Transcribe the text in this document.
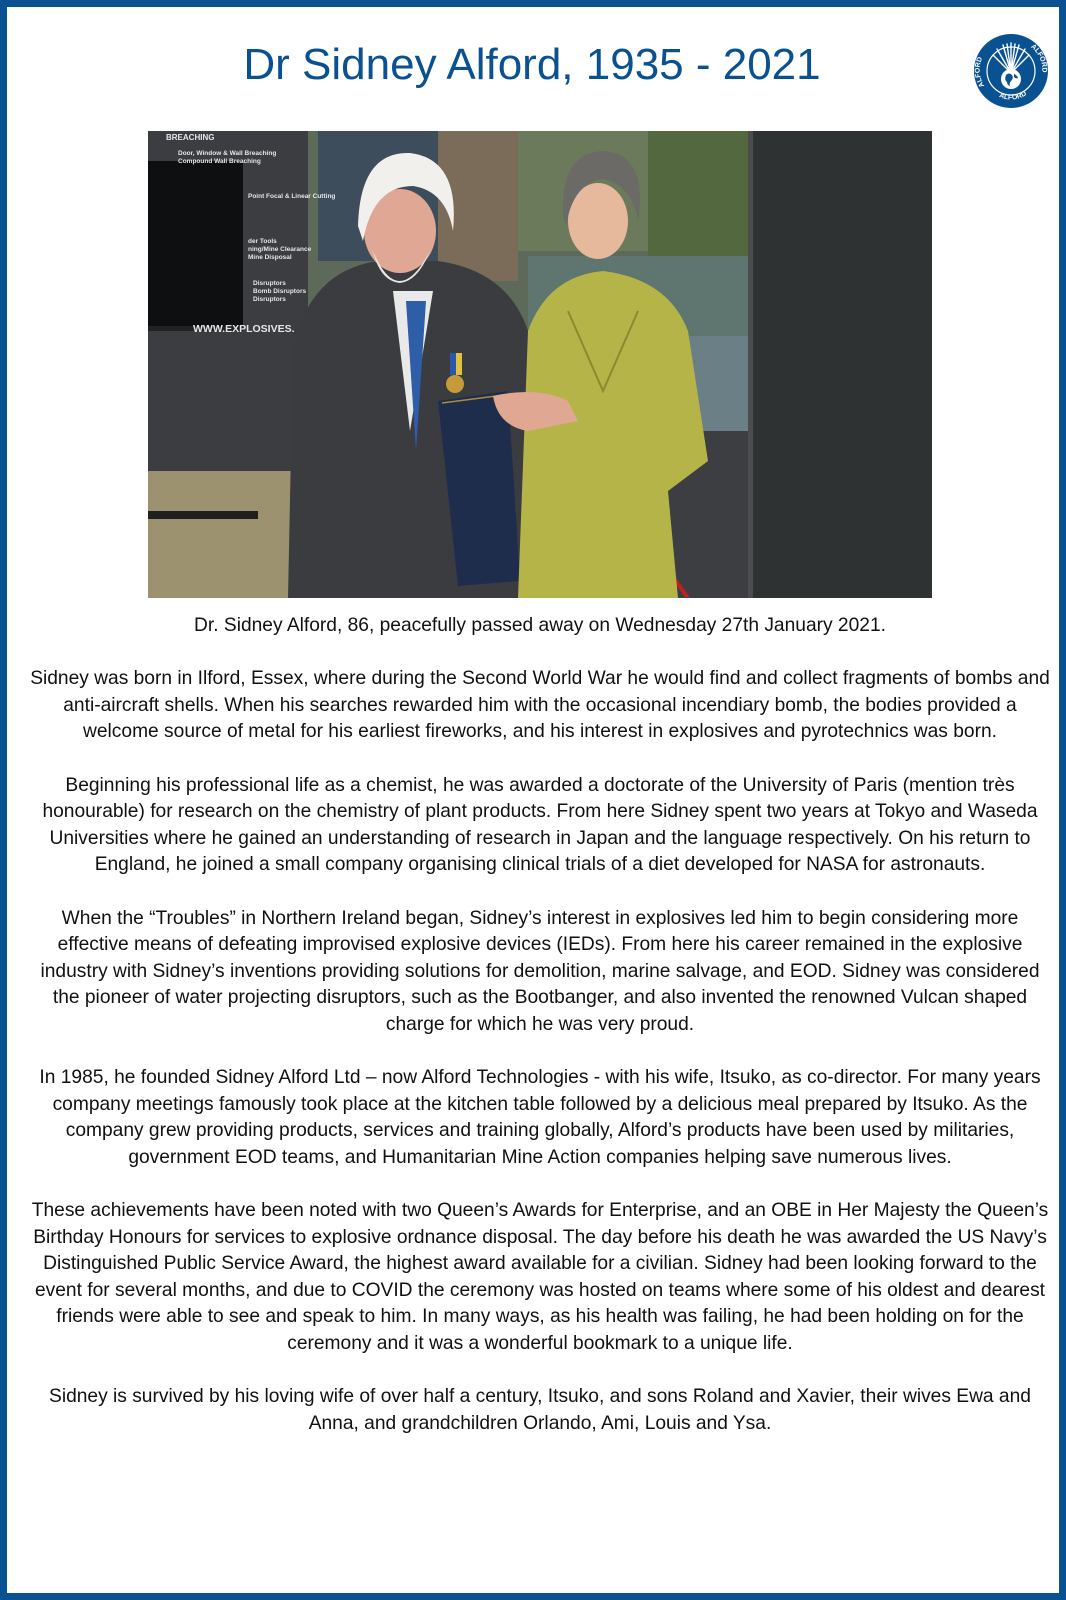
Dr Sidney Alford, 1935 - 2021	ALFORD
ALFORD
ALFORD
BREACHING
Door, Window & Wall Breaching
Compound Wall Breaching
Point Focal & Linear Cutting
der Tools
ning/Mine Clearance
Mine Disposal
Disruptors
Bomb Disruptors
Disruptors
WWW.EXPLOSIVES.

Dr. Sidney Alford, 86, peacefully passed away on Wednesday 27th January 2021.

Sidney was born in Ilford, Essex, where during the Second World War he would find and collect fragments of bombs and anti-aircraft shells. When his searches rewarded him with the occasional incendiary bomb, the bodies provided a welcome source of metal for his earliest fireworks, and his interest in explosives and pyrotechnics was born.

Beginning his professional life as a chemist, he was awarded a doctorate of the University of Paris (mention très honourable) for research on the chemistry of plant products. From here Sidney spent two years at Tokyo and Waseda Universities where he gained an understanding of research in Japan and the language respectively. On his return to England, he joined a small company organising clinical trials of a diet developed for NASA for astronauts.

When the “Troubles” in Northern Ireland began, Sidney’s interest in explosives led him to begin considering more effective means of defeating improvised explosive devices (IEDs). From here his career remained in the explosive industry with Sidney’s inventions providing solutions for demolition, marine salvage, and EOD. Sidney was considered the pioneer of water projecting disruptors, such as the Bootbanger, and also invented the renowned Vulcan shaped charge for which he was very proud.

In 1985, he founded Sidney Alford Ltd – now Alford Technologies - with his wife, Itsuko, as co-director. For many years company meetings famously took place at the kitchen table followed by a delicious meal prepared by Itsuko. As the company grew providing products, services and training globally, Alford’s products have been used by militaries, government EOD teams, and Humanitarian Mine Action companies helping save numerous lives.

These achievements have been noted with two Queen’s Awards for Enterprise, and an OBE in Her Majesty the Queen’s Birthday Honours for services to explosive ordnance disposal. The day before his death he was awarded the US Navy’s Distinguished Public Service Award, the highest award available for a civilian. Sidney had been looking forward to the event for several months, and due to COVID the ceremony was hosted on teams where some of his oldest and dearest friends were able to see and speak to him. In many ways, as his health was failing, he had been holding on for the ceremony and it was a wonderful bookmark to a unique life.

Sidney is survived by his loving wife of over half a century, Itsuko, and sons Roland and Xavier, their wives Ewa and Anna, and grandchildren Orlando, Ami, Louis and Ysa.
